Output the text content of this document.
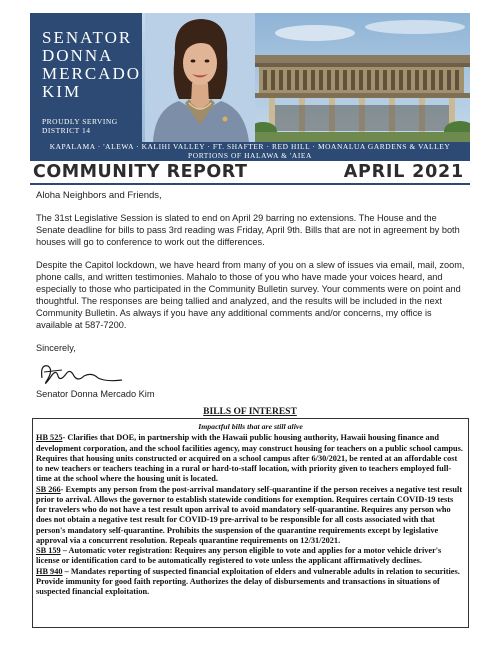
SENATOR
DONNA
MERCADO
KIM
PROUDLY SERVING
DISTRICT 14
KAPALAMA · 'ALEWA · KALIHI VALLEY · FT. SHAFTER · RED HILL · MOANALUA GARDENS & VALLEY
PORTIONS OF HALAWA & 'AIEA
COMMUNITY REPORT	APRIL 2021
Aloha Neighbors and Friends,

The 31st Legislative Session is slated to end on April 29 barring no extensions. The House and the Senate deadline for bills to pass 3rd reading was Friday, April 9th. Bills that are not in agreement by both houses will go to conference to work out the differences.

Despite the Capitol lockdown, we have heard from many of you on a slew of issues via email, mail, zoom, phone calls, and written testimonies. Mahalo to those of you who have made your voices heard, and especially to those who participated in the Community Bulletin survey. Your comments were on point and thoughtful. The responses are being tallied and analyzed, and the results will be included in the next Community Bulletin. As always if you have any additional comments and/or concerns, my office is available at 587-7200.

Sincerely,
Senator Donna Mercado Kim
BILLS OF INTEREST
Impactful bills that are still alive
HB 525- Clarifies that DOE, in partnership with the Hawaii public housing authority, Hawaii housing finance and development corporation, and the school facilities agency, may construct housing for teachers on a public school campus. Requires that housing units constructed or acquired on a school campus after 6/30/2021, be rented at an affordable cost to new teachers or teachers teaching in a rural or hard-to-staff location, with priority given to teachers employed full-time at the school where the housing unit is located.
SB 266- Exempts any person from the post-arrival mandatory self-quarantine if the person receives a negative test result prior to arrival. Allows the governor to establish statewide conditions for exemption. Requires certain COVID-19 tests for travelers who do not have a test result upon arrival to avoid mandatory self-quarantine. Requires any person who does not obtain a negative test result for COVID-19 pre-arrival to be responsible for all costs associated with that person's mandatory self-quarantine. Prohibits the suspension of the quarantine requirements except by legislative approval via a concurrent resolution. Repeals quarantine requirements on 12/31/2021.
SB 159 – Automatic voter registration: Requires any person eligible to vote and applies for a motor vehicle driver's license or identification card to be automatically registered to vote unless the applicant affirmatively declines.
HB 940 – Mandates reporting of suspected financial exploitation of elders and vulnerable adults in relation to securities. Provide immunity for good faith reporting. Authorizes the delay of disbursements and transactions in situations of suspected financial exploitation.
